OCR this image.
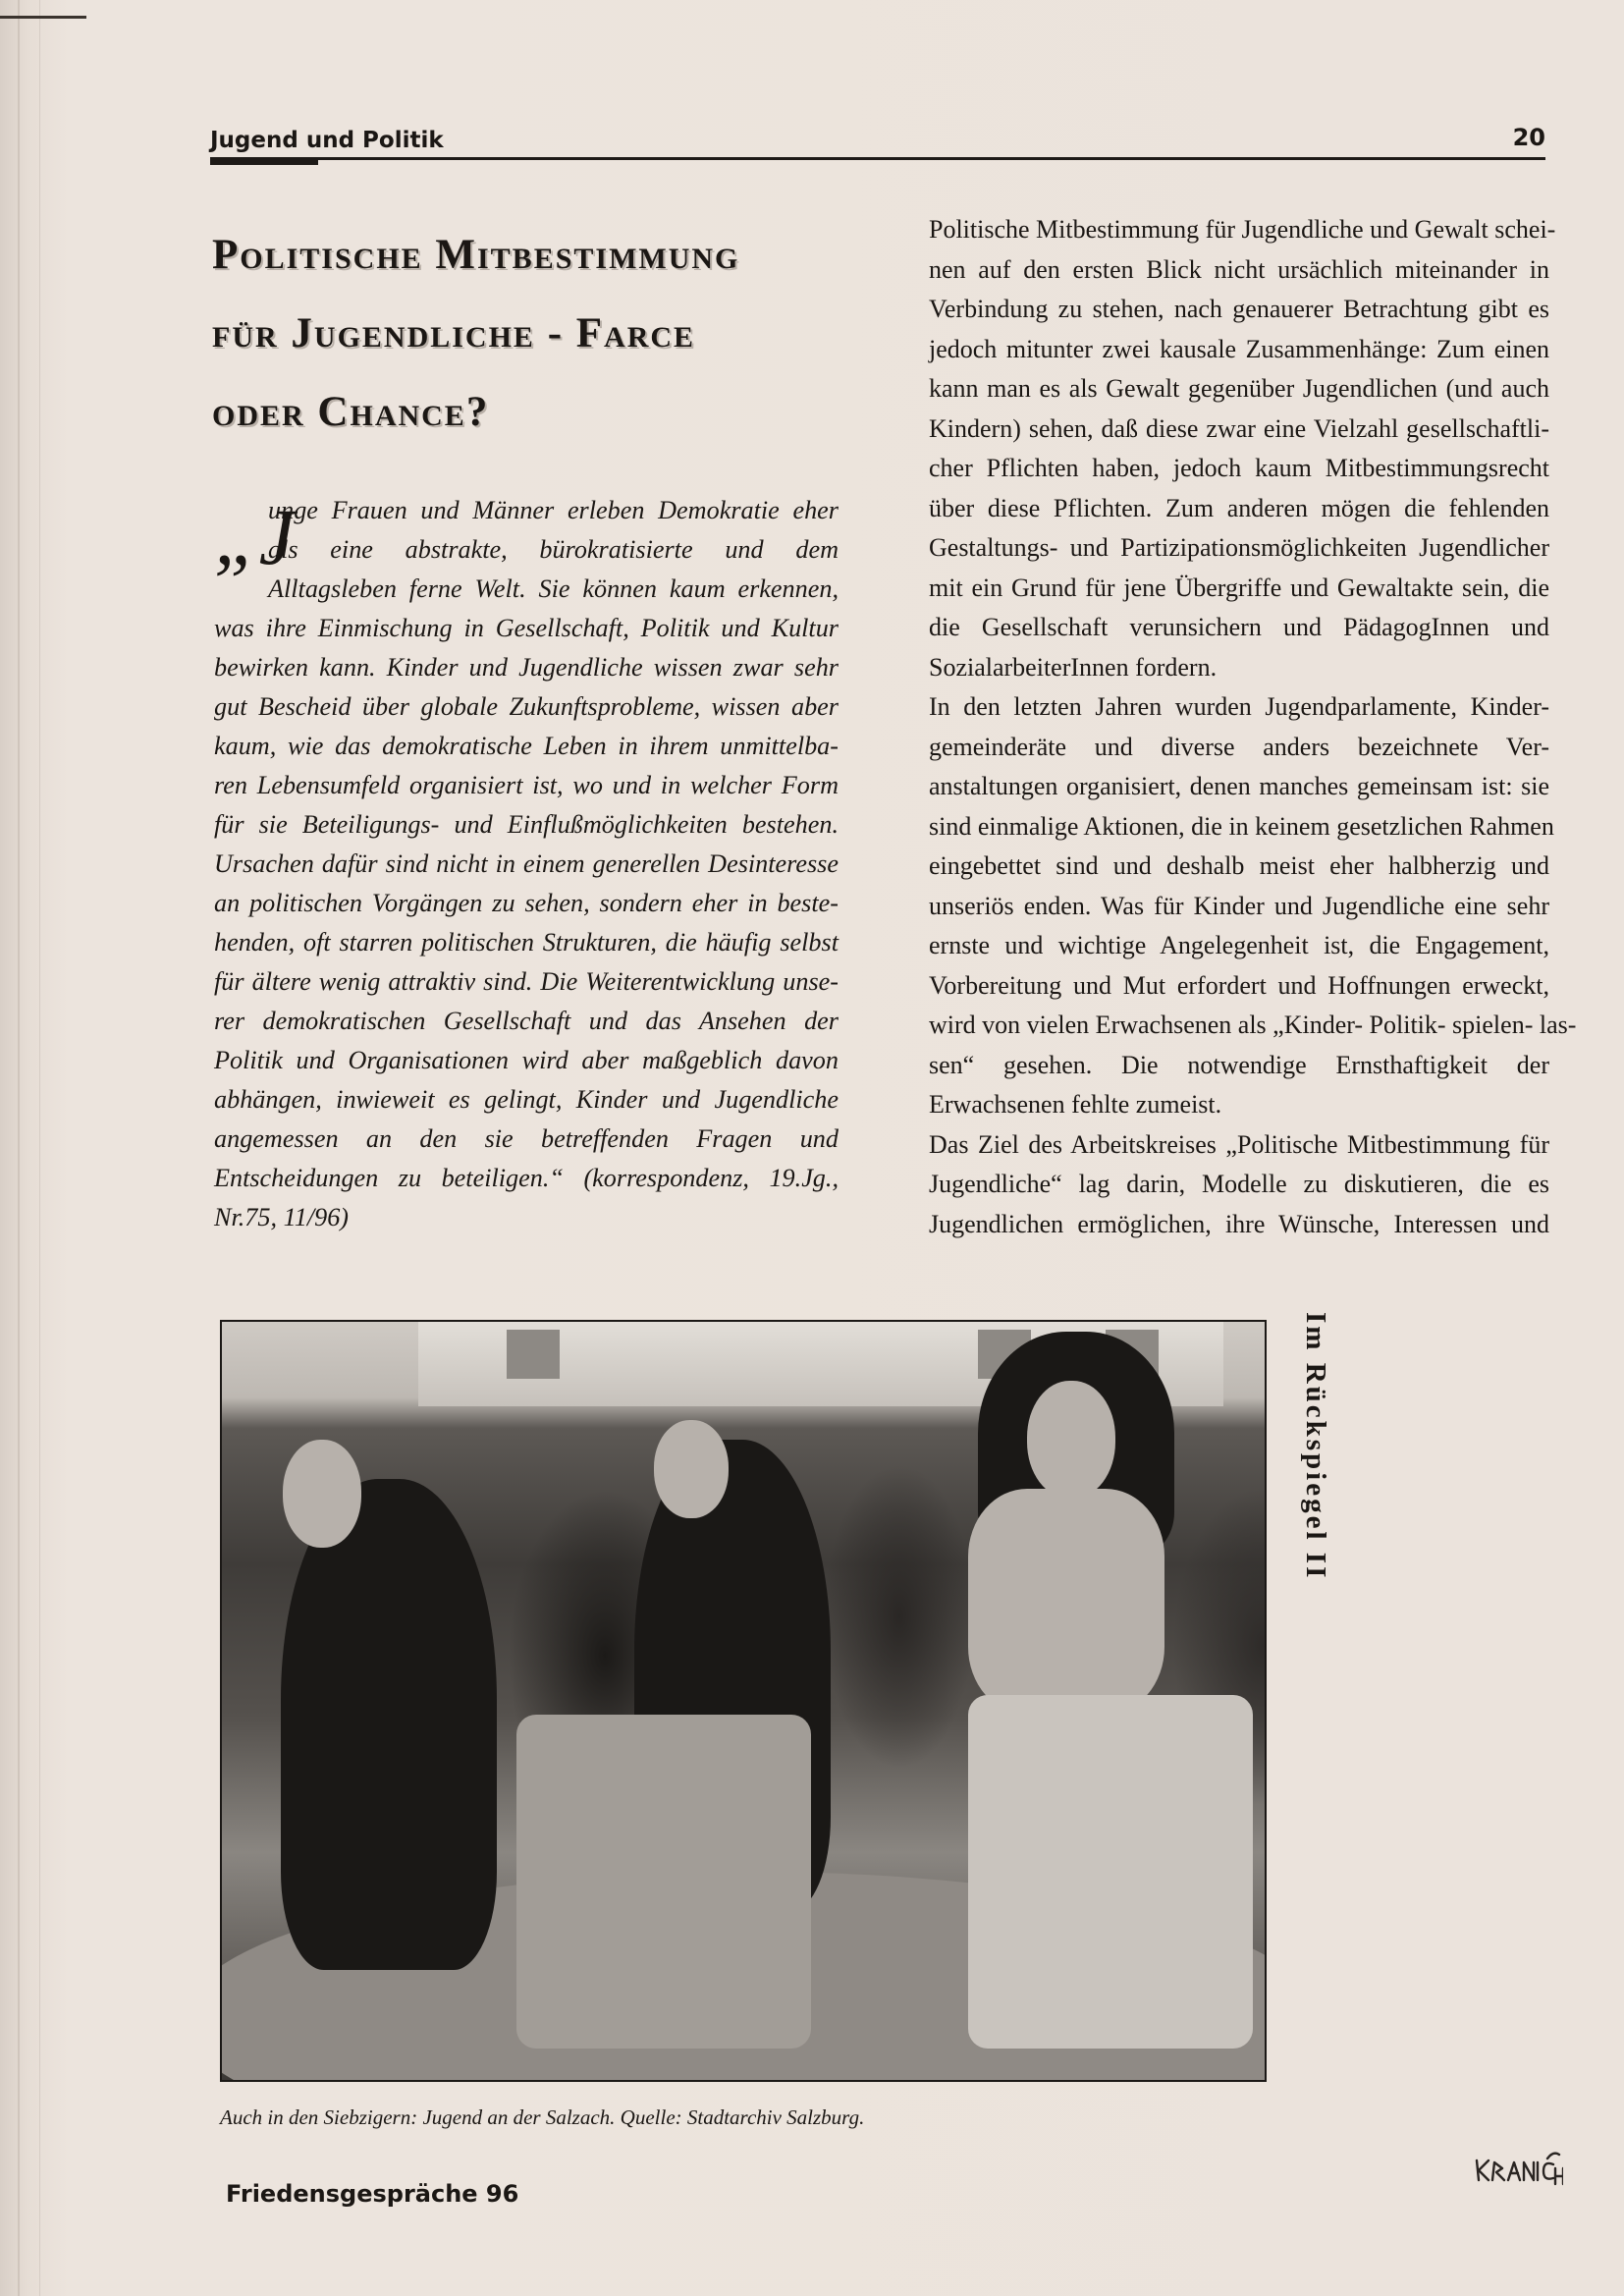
Jugend und Politik	20
Politische Mitbestimmung
für Jugendliche - Farce
oder Chance?
„J
unge Frauen und Männer erleben Demokratie eher
als eine abstrakte, bürokratisierte und dem
Alltagsleben ferne Welt. Sie können kaum erkennen,
was ihre Einmischung in Gesellschaft, Politik und Kultur
bewirken kann. Kinder und Jugendliche wissen zwar sehr
gut Bescheid über globale Zukunftsprobleme, wissen aber
kaum, wie das demokratische Leben in ihrem unmittelba-
ren Lebensumfeld organisiert ist, wo und in welcher Form
für sie Beteiligungs- und Einflußmöglichkeiten bestehen.
Ursachen dafür sind nicht in einem generellen Desinteresse
an politischen Vorgängen zu sehen, sondern eher in beste-
henden, oft starren politischen Strukturen, die häufig selbst
für ältere wenig attraktiv sind. Die Weiterentwicklung unse-
rer demokratischen Gesellschaft und das Ansehen der
Politik und Organisationen wird aber maßgeblich davon
abhängen, inwieweit es gelingt, Kinder und Jugendliche
angemessen an den sie betreffenden Fragen und
Entscheidungen zu beteiligen.“ (korrespondenz, 19.Jg.,
Nr.75, 11/96)
Politische Mitbestimmung für Jugendliche und Gewalt schei-
nen auf den ersten Blick nicht ursächlich miteinander in
Verbindung zu stehen, nach genauerer Betrachtung gibt es
jedoch mitunter zwei kausale Zusammenhänge: Zum einen
kann man es als Gewalt gegenüber Jugendlichen (und auch
Kindern) sehen, daß diese zwar eine Vielzahl gesellschaftli-
cher Pflichten haben, jedoch kaum Mitbestimmungsrecht
über diese Pflichten. Zum anderen mögen die fehlenden
Gestaltungs- und Partizipationsmöglichkeiten Jugendlicher
mit ein Grund für jene Übergriffe und Gewaltakte sein, die
die Gesellschaft verunsichern und PädagogInnen und
SozialarbeiterInnen fordern.
In den letzten Jahren wurden Jugendparlamente, Kinder-
gemeinderäte und diverse anders bezeichnete Ver-
anstaltungen organisiert, denen manches gemeinsam ist: sie
sind einmalige Aktionen, die in keinem gesetzlichen Rahmen
eingebettet sind und deshalb meist eher halbherzig und
unseriös enden. Was für Kinder und Jugendliche eine sehr
ernste und wichtige Angelegenheit ist, die Engagement,
Vorbereitung und Mut erfordert und Hoffnungen erweckt,
wird von vielen Erwachsenen als „Kinder- Politik- spielen- las-
sen“ gesehen. Die notwendige Ernsthaftigkeit der
Erwachsenen fehlte zumeist.
Das Ziel des Arbeitskreises „Politische Mitbestimmung für
Jugendliche“ lag darin, Modelle zu diskutieren, die es
Jugendlichen ermöglichen, ihre Wünsche, Interessen und
Auch in den Siebzigern: Jugend an der Salzach. Quelle: Stadtarchiv Salzburg.
Im Rückspiegel II
Friedensgespräche 96
